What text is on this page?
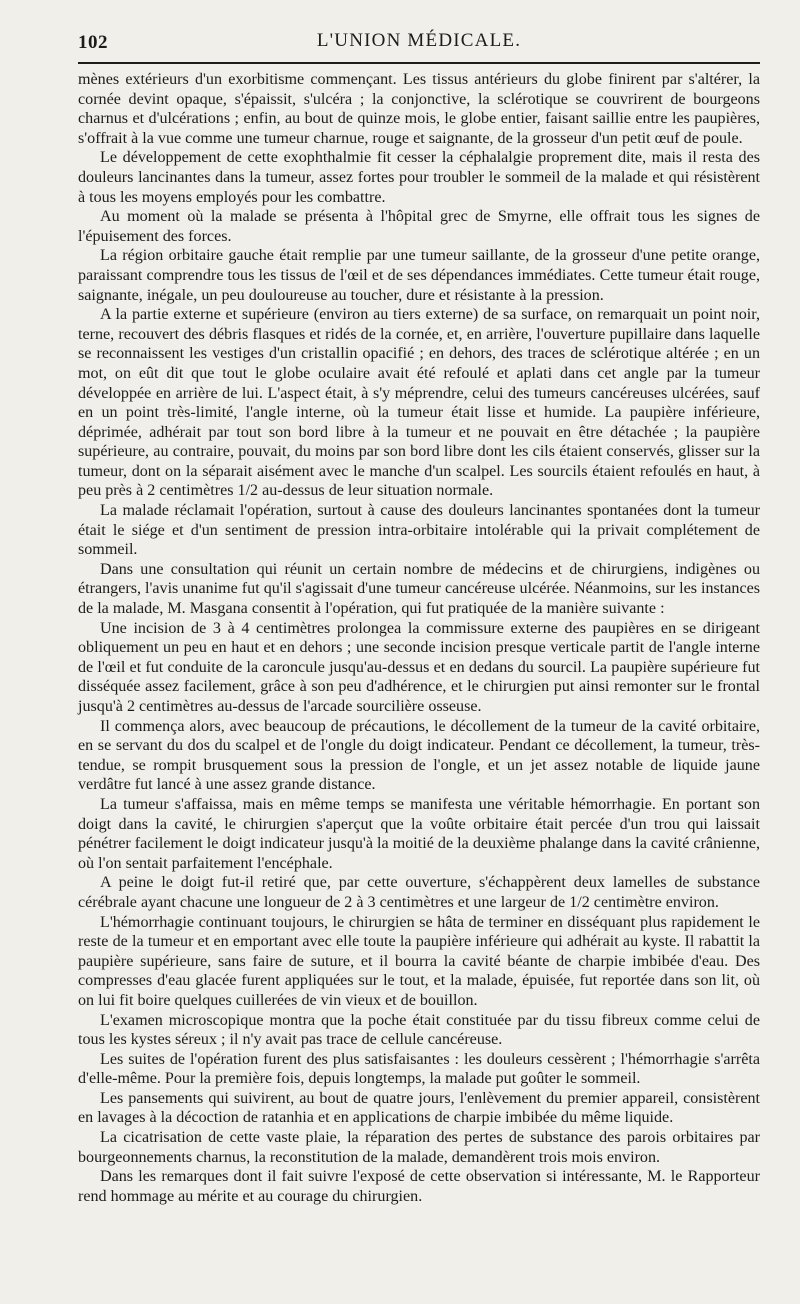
102	L'UNION MÉDICALE.

mènes extérieurs d'un exorbitisme commençant. Les tissus antérieurs du globe finirent par s'altérer, la cornée devint opaque, s'épaissit, s'ulcéra ; la conjonctive, la sclérotique se couvrirent de bourgeons charnus et d'ulcérations ; enfin, au bout de quinze mois, le globe entier, faisant saillie entre les paupières, s'offrait à la vue comme une tumeur charnue, rouge et saignante, de la grosseur d'un petit œuf de poule.

Le développement de cette exophthalmie fit cesser la céphalalgie proprement dite, mais il resta des douleurs lancinantes dans la tumeur, assez fortes pour troubler le sommeil de la malade et qui résistèrent à tous les moyens employés pour les combattre.

Au moment où la malade se présenta à l'hôpital grec de Smyrne, elle offrait tous les signes de l'épuisement des forces.

La région orbitaire gauche était remplie par une tumeur saillante, de la grosseur d'une petite orange, paraissant comprendre tous les tissus de l'œil et de ses dépendances immédiates. Cette tumeur était rouge, saignante, inégale, un peu douloureuse au toucher, dure et résistante à la pression.

A la partie externe et supérieure (environ au tiers externe) de sa surface, on remarquait un point noir, terne, recouvert des débris flasques et ridés de la cornée, et, en arrière, l'ouverture pupillaire dans laquelle se reconnaissent les vestiges d'un cristallin opacifié ; en dehors, des traces de sclérotique altérée ; en un mot, on eût dit que tout le globe oculaire avait été refoulé et aplati dans cet angle par la tumeur développée en arrière de lui. L'aspect était, à s'y méprendre, celui des tumeurs cancéreuses ulcérées, sauf en un point très-limité, l'angle interne, où la tumeur était lisse et humide. La paupière inférieure, déprimée, adhérait par tout son bord libre à la tumeur et ne pouvait en être détachée ; la paupière supérieure, au contraire, pouvait, du moins par son bord libre dont les cils étaient conservés, glisser sur la tumeur, dont on la séparait aisément avec le manche d'un scalpel. Les sourcils étaient refoulés en haut, à peu près à 2 centimètres 1/2 au-dessus de leur situation normale.

La malade réclamait l'opération, surtout à cause des douleurs lancinantes spontanées dont la tumeur était le siége et d'un sentiment de pression intra-orbitaire intolérable qui la privait complétement de sommeil.

Dans une consultation qui réunit un certain nombre de médecins et de chirurgiens, indigènes ou étrangers, l'avis unanime fut qu'il s'agissait d'une tumeur cancéreuse ulcérée. Néanmoins, sur les instances de la malade, M. Masgana consentit à l'opération, qui fut pratiquée de la manière suivante :

Une incision de 3 à 4 centimètres prolongea la commissure externe des paupières en se dirigeant obliquement un peu en haut et en dehors ; une seconde incision presque verticale partit de l'angle interne de l'œil et fut conduite de la caroncule jusqu'au-dessus et en dedans du sourcil. La paupière supérieure fut disséquée assez facilement, grâce à son peu d'adhérence, et le chirurgien put ainsi remonter sur le frontal jusqu'à 2 centimètres au-dessus de l'arcade sourcilière osseuse.

Il commença alors, avec beaucoup de précautions, le décollement de la tumeur de la cavité orbitaire, en se servant du dos du scalpel et de l'ongle du doigt indicateur. Pendant ce décollement, la tumeur, très-tendue, se rompit brusquement sous la pression de l'ongle, et un jet assez notable de liquide jaune verdâtre fut lancé à une assez grande distance.

La tumeur s'affaissa, mais en même temps se manifesta une véritable hémorrhagie. En portant son doigt dans la cavité, le chirurgien s'aperçut que la voûte orbitaire était percée d'un trou qui laissait pénétrer facilement le doigt indicateur jusqu'à la moitié de la deuxième phalange dans la cavité crânienne, où l'on sentait parfaitement l'encéphale.

A peine le doigt fut-il retiré que, par cette ouverture, s'échappèrent deux lamelles de substance cérébrale ayant chacune une longueur de 2 à 3 centimètres et une largeur de 1/2 centimètre environ.

L'hémorrhagie continuant toujours, le chirurgien se hâta de terminer en disséquant plus rapidement le reste de la tumeur et en emportant avec elle toute la paupière inférieure qui adhérait au kyste. Il rabattit la paupière supérieure, sans faire de suture, et il bourra la cavité béante de charpie imbibée d'eau. Des compresses d'eau glacée furent appliquées sur le tout, et la malade, épuisée, fut reportée dans son lit, où on lui fit boire quelques cuillerées de vin vieux et de bouillon.

L'examen microscopique montra que la poche était constituée par du tissu fibreux comme celui de tous les kystes séreux ; il n'y avait pas trace de cellule cancéreuse.

Les suites de l'opération furent des plus satisfaisantes : les douleurs cessèrent ; l'hémorrhagie s'arrêta d'elle-même. Pour la première fois, depuis longtemps, la malade put goûter le sommeil.

Les pansements qui suivirent, au bout de quatre jours, l'enlèvement du premier appareil, consistèrent en lavages à la décoction de ratanhia et en applications de charpie imbibée du même liquide.

La cicatrisation de cette vaste plaie, la réparation des pertes de substance des parois orbitaires par bourgeonnements charnus, la reconstitution de la malade, demandèrent trois mois environ.

Dans les remarques dont il fait suivre l'exposé de cette observation si intéressante, M. le Rapporteur rend hommage au mérite et au courage du chirurgien.
